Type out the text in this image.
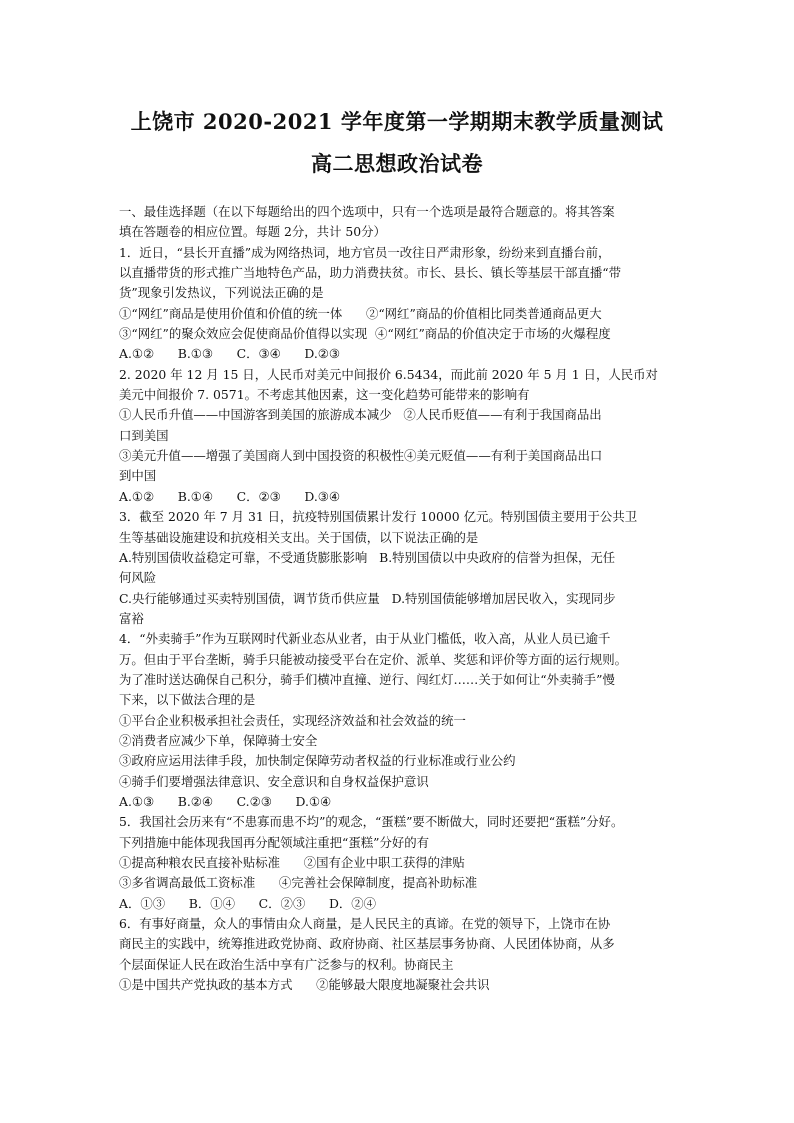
上饶市 2020-2021 学年度第一学期期末教学质量测试
高二思想政治试卷

一、最佳选择题（在以下每题给出的四个选项中，只有一个选项是最符合题意的。将其答案

填在答题卷的相应位置。每题 2分，共计 50分）

1．近日，“县长开直播”成为网络热词，地方官员一改往日严肃形象，纷纷来到直播台前，

以直播带货的形式推广当地特色产品，助力消费扶贫。市长、县长、镇长等基层干部直播“带

货”现象引发热议，下列说法正确的是

①“网红”商品是使用价值和价值的统一体      ②“网红”商品的价值相比同类普通商品更大

③“网红”的聚众效应会促使商品价值得以实现  ④“网红”商品的价值决定于市场的火爆程度

A.①②      B.①③      C．③④      D.②③

2. 2020 年 12 月 15 日，人民币对美元中间报价 6.5434，而此前 2020 年 5 月 1 日，人民币对

美元中间报价 7. 0571。不考虑其他因素，这一变化趋势可能带来的影响有

①人民币升值——中国游客到美国的旅游成本减少   ②人民币贬值——有利于我国商品出

口到美国

③美元升值——增强了美国商人到中国投资的积极性④美元贬值——有利于美国商品出口

到中国

A.①②      B.①④      C．②③      D.③④

3．截至 2020 年 7 月 31 日，抗疫特别国债累计发行 10000 亿元。特别国债主要用于公共卫

生等基础设施建设和抗疫相关支出。关于国债，以下说法正确的是

A.特别国债收益稳定可靠，不受通货膨胀影响   B.特别国债以中央政府的信誉为担保，无任

何风险

C.央行能够通过买卖特别国债，调节货币供应量   D.特别国债能够增加居民收入，实现同步

富裕

4．“外卖骑手”作为互联网时代新业态从业者，由于从业门槛低，收入高，从业人员已逾千

万。但由于平台垄断，骑手只能被动接受平台在定价、派单、奖惩和评价等方面的运行规则。

为了准时送达确保自己积分，骑手们横冲直撞、逆行、闯红灯……关于如何让“外卖骑手”慢

下来，以下做法合理的是

①平台企业积极承担社会责任，实现经济效益和社会效益的统一

②消费者应减少下单，保障骑士安全

③政府应运用法律手段，加快制定保障劳动者权益的行业标准或行业公约

④骑手们要增强法律意识、安全意识和自身权益保护意识

A.①③      B.②④      C.②③      D.①④

5．我国社会历来有“不患寡而患不均”的观念，“蛋糕”要不断做大，同时还要把“蛋糕”分好。

下列措施中能体现我国再分配领域注重把“蛋糕”分好的有

①提高种粮农民直接补贴标准      ②国有企业中职工获得的津贴

③多省调高最低工资标准      ④完善社会保障制度，提高补助标准

A．①③      B．①④      C．②③      D．②④

6．有事好商量，众人的事情由众人商量，是人民民主的真谛。在党的领导下，上饶市在协

商民主的实践中，统筹推进政党协商、政府协商、社区基层事务协商、人民团体协商，从多

个层面保证人民在政治生活中享有广泛参与的权利。协商民主

①是中国共产党执政的基本方式      ②能够最大限度地凝聚社会共识
